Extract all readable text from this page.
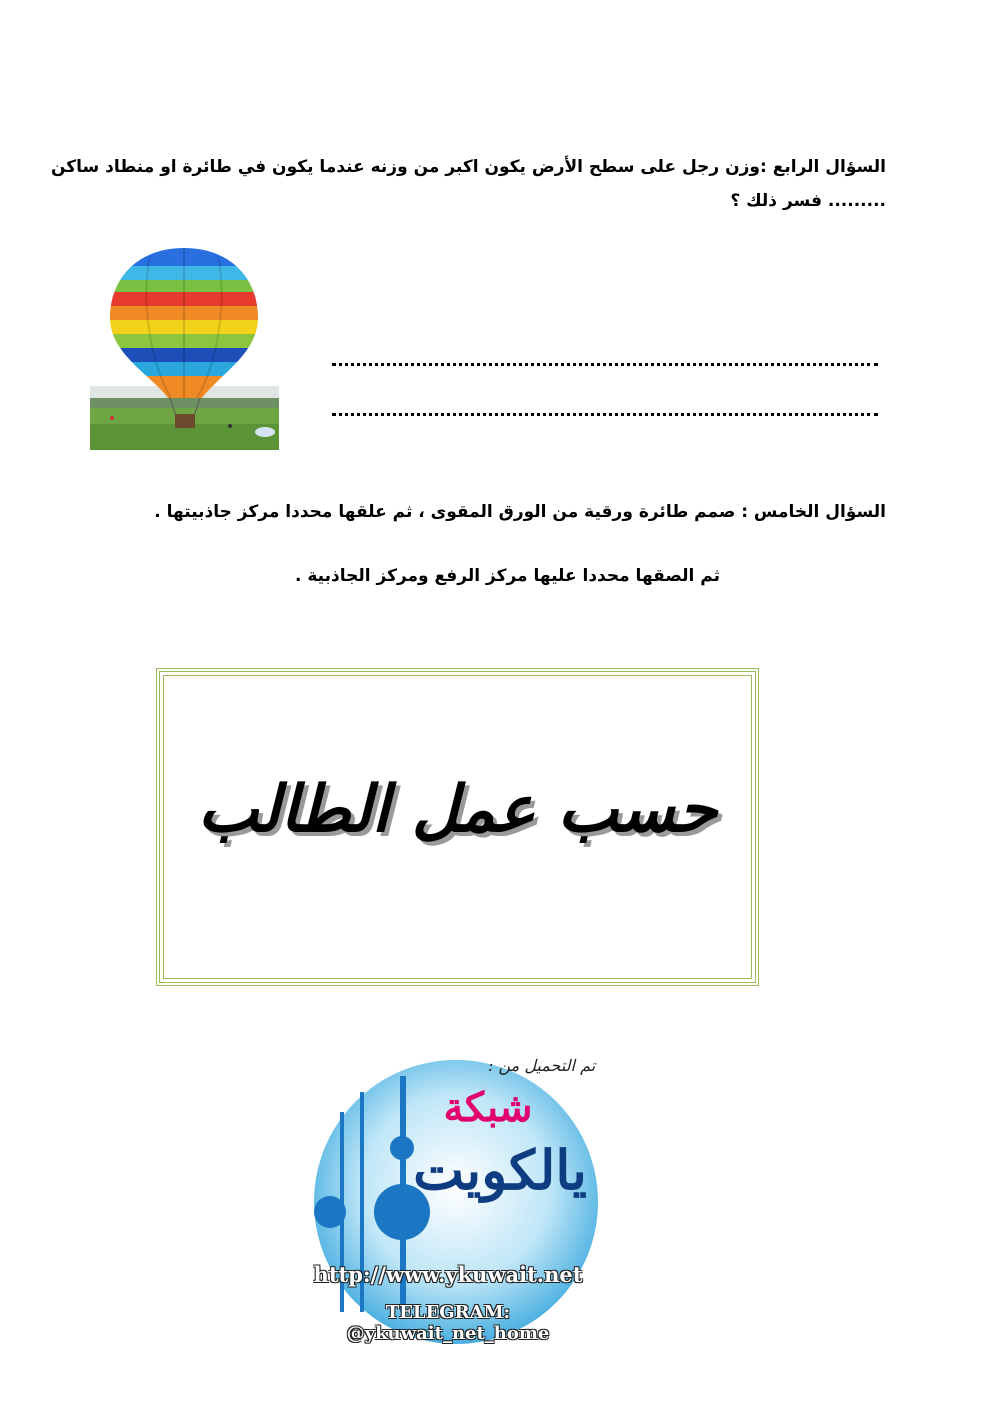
السؤال الرابع :وزن رجل على سطح الأرض يكون اكبر من وزنه عندما يكون في طائرة او منطاد ساكن ......... فسر ذلك ؟
السؤال الخامس : صمم طائرة ورقية من الورق المقوى ، ثم علقها محددا مركز جاذبيتها .
ثم الصقها محددا عليها مركز الرفع ومركز الجاذبية .
حسب عمل الطالب
تم التحميل من :
شبكة
يالكويت
http://www.ykuwait.net
TELEGRAM: @ykuwait_net_home
